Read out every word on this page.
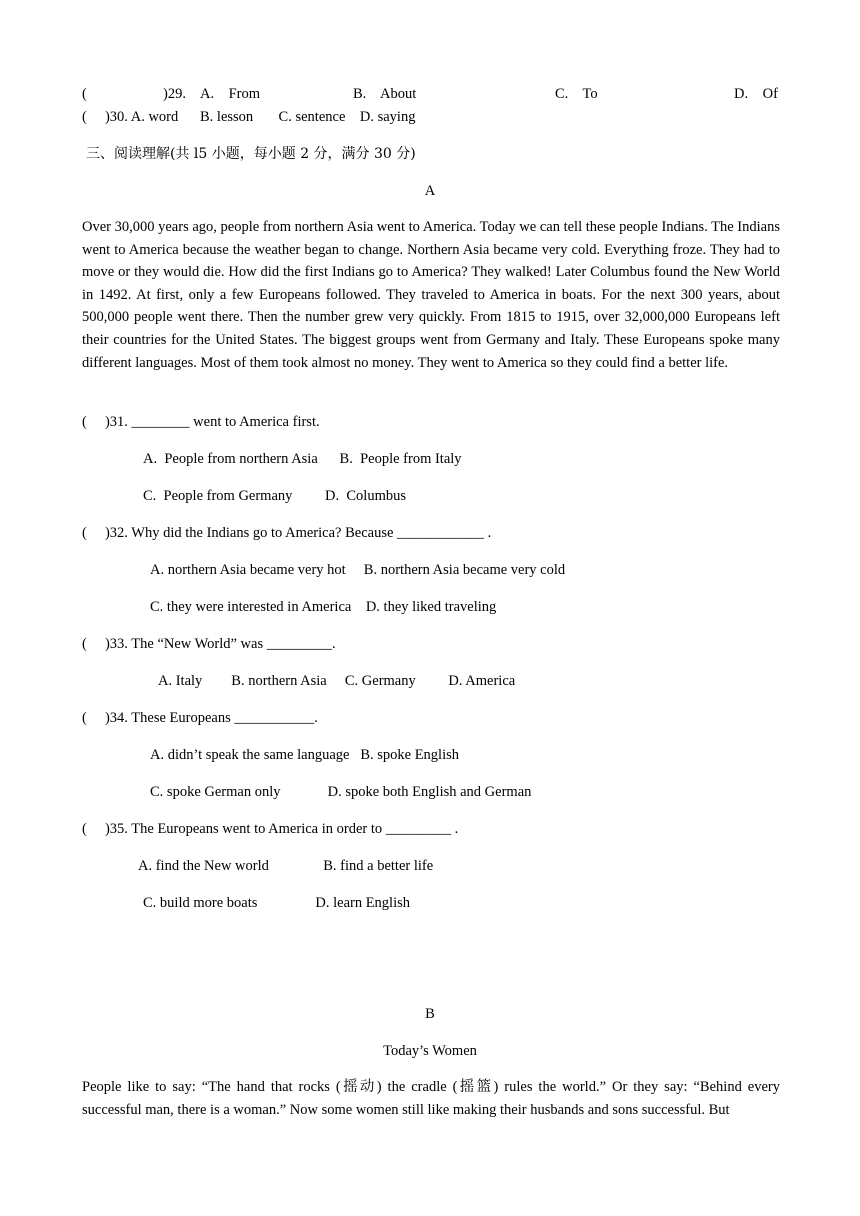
(	)29. A.    From	B.    About	C.    To	D.    Of
(     )30. A. word      B. lesson       C. sentence    D. saying
三、阅读理解(共 l5 小题，每小题 2 分，满分 30 分)
A
Over 30,000 years ago, people from northern Asia went to America. Today we can tell these people Indians. The Indians went to America because the weather began to change. Northern Asia became very cold. Everything froze. They had to move or they would die. How did the first Indians go to America? They walked! Later Columbus found the New World in 1492. At first, only a few Europeans followed. They traveled to America in boats. For the next 300 years, about 500,000 people went there. Then the number grew very quickly. From 1815 to 1915, over 32,000,000 Europeans left their countries for the United States. The biggest groups went from Germany and Italy. These Europeans spoke many different languages. Most of them took almost no money. They went to America so they could find a better life.
(     )31. ________ went to America first.
A.  People from northern Asia      B.  People from Italy
C.  People from Germany         D.  Columbus
(     )32. Why did the Indians go to America? Because ____________ .
A. northern Asia became very hot     B. northern Asia became very cold
C. they were interested in America    D. they liked traveling
(     )33. The “New World” was _________.
A. Italy        B. northern Asia     C. Germany         D. America
(     )34. These Europeans ___________.
A. didn’t speak the same language   B. spoke English
C. spoke German only             D. spoke both English and German
(     )35. The Europeans went to America in order to _________ .
A. find the New world               B. find a better life
C. build more boats                D. learn English
B
Today’s Women
People like to say: “The hand that rocks (摇动) the cradle (摇篮) rules the world.” Or they say: “Behind every successful man, there is a woman.” Now some women still like making their husbands and sons successful. But
